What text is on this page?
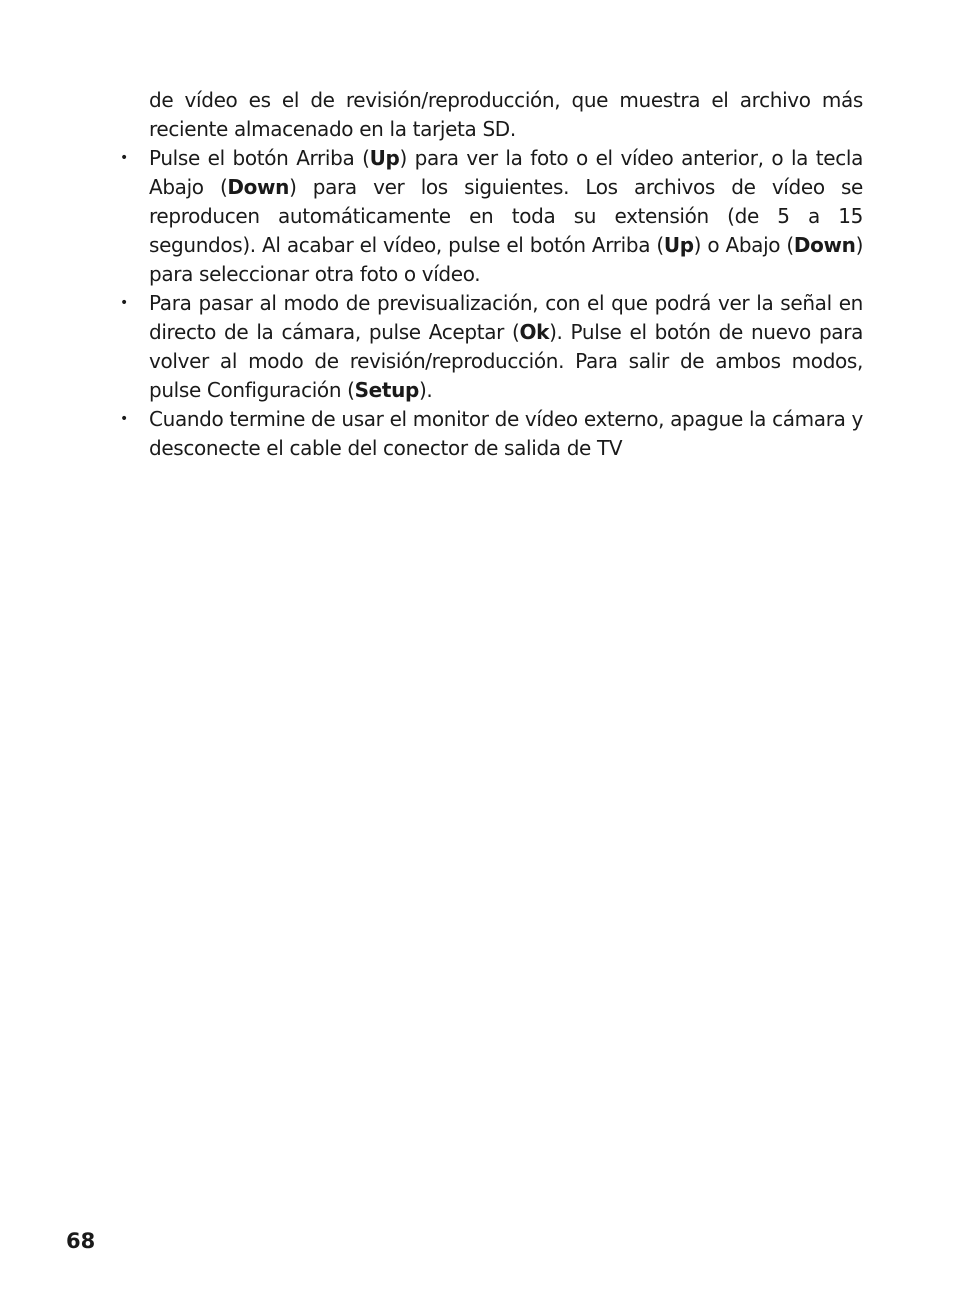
de vídeo es el de revisión/reproducción, que muestra el archivo más reciente almacenado en la tarjeta SD.

• Pulse el botón Arriba (Up) para ver la foto o el vídeo anterior, o la tecla Abajo (Down) para ver los siguientes. Los archivos de vídeo se reproducen automáticamente en toda su extensión (de 5 a 15 segundos). Al acabar el vídeo, pulse el botón Arriba (Up) o Abajo (Down) para seleccionar otra foto o vídeo.
• Para pasar al modo de previsualización, con el que podrá ver la señal en directo de la cámara, pulse Aceptar (Ok). Pulse el botón de nuevo para volver al modo de revisión/reproducción. Para salir de ambos modos, pulse Configuración (Setup).
• Cuando termine de usar el monitor de vídeo externo, apague la cámara y desconecte el cable del conector de salida de TV
68
